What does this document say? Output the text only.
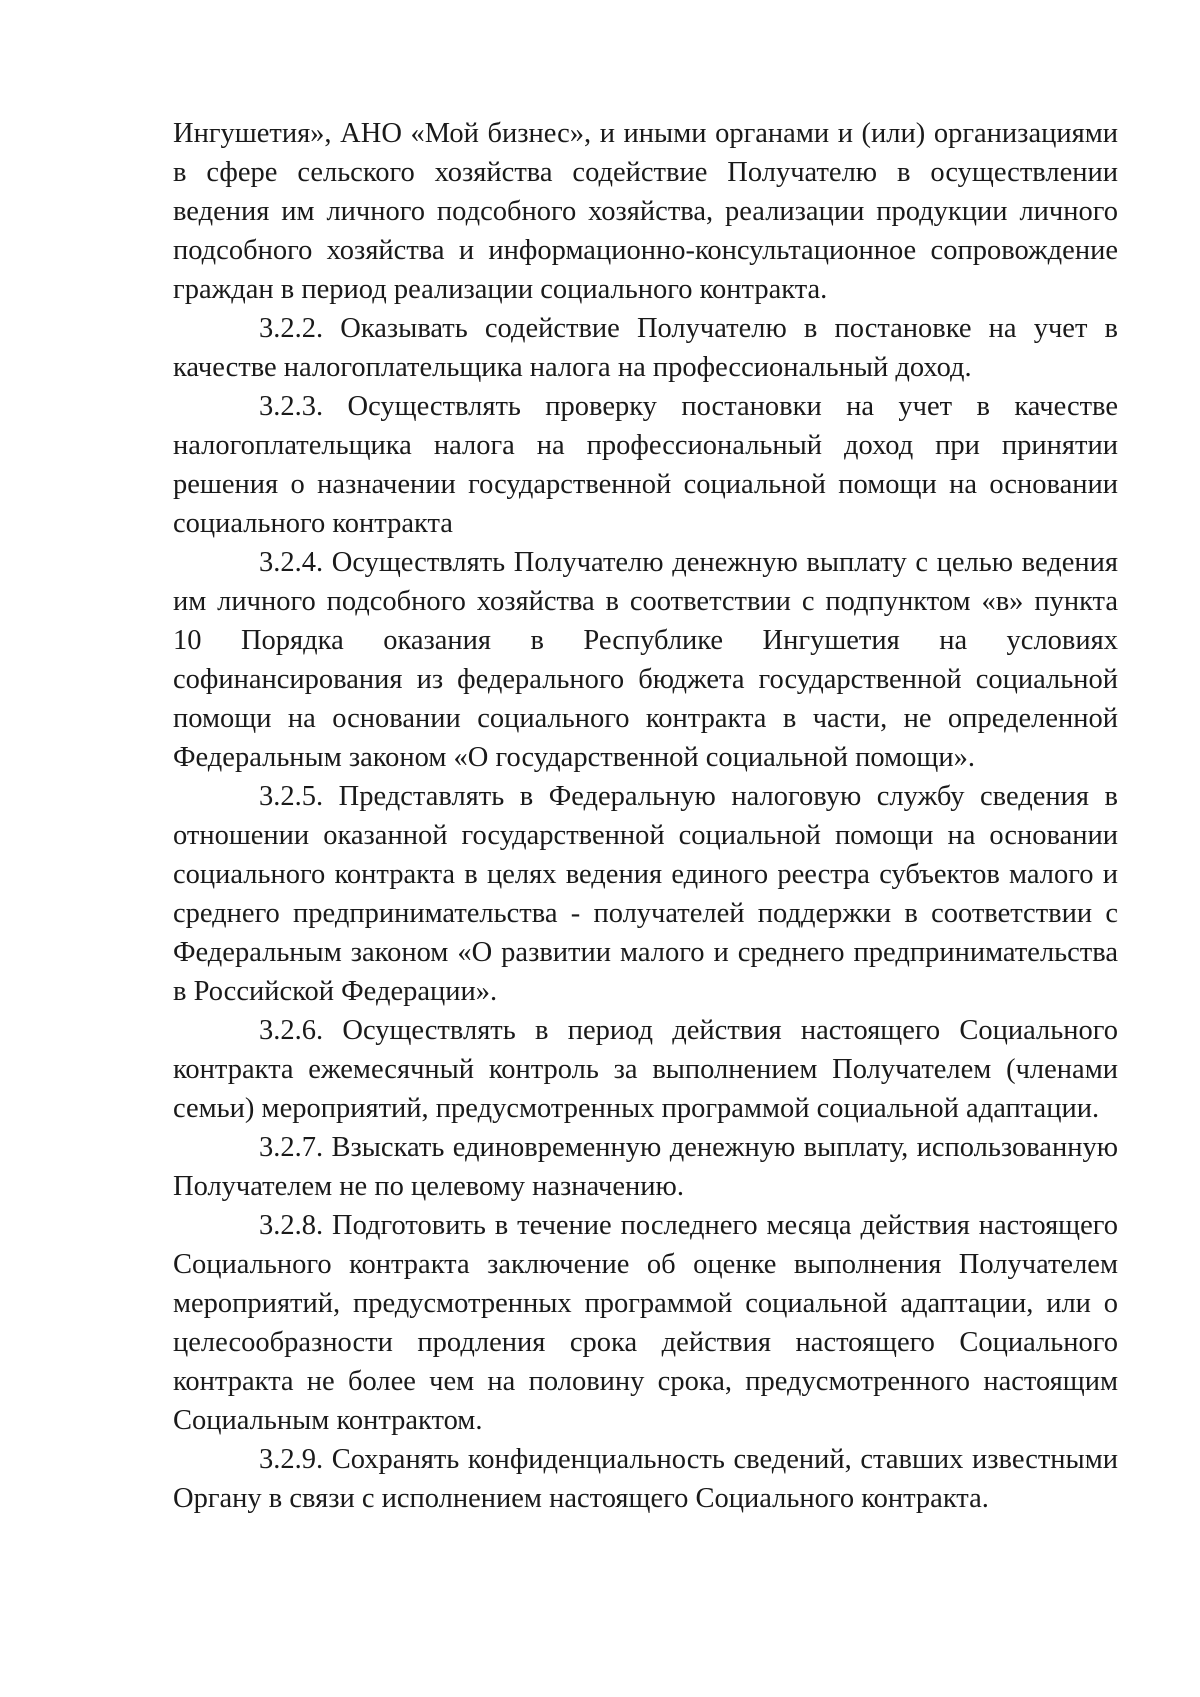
Ингушетия», АНО «Мой бизнес», и иными органами и (или) организациями в сфере сельского хозяйства содействие Получателю в осуществлении ведения им личного подсобного хозяйства, реализации продукции личного подсобного хозяйства и информационно-консультационное сопровождение граждан в период реализации социального контракта.

3.2.2. Оказывать содействие Получателю в постановке на учет в качестве налогоплательщика налога на профессиональный доход.

3.2.3. Осуществлять проверку постановки на учет в качестве налогоплательщика налога на профессиональный доход при принятии решения о назначении государственной социальной помощи на основании социального контракта

3.2.4. Осуществлять Получателю денежную выплату с целью ведения им личного подсобного хозяйства в соответствии с подпунктом «в» пункта 10 Порядка оказания в Республике Ингушетия на условиях софинансирования из федерального бюджета государственной социальной помощи на основании социального контракта в части, не определенной Федеральным законом «О государственной социальной помощи».

3.2.5. Представлять в Федеральную налоговую службу сведения в отношении оказанной государственной социальной помощи на основании социального контракта в целях ведения единого реестра субъектов малого и среднего предпринимательства - получателей поддержки в соответствии с Федеральным законом «О развитии малого и среднего предпринимательства в Российской Федерации».

3.2.6. Осуществлять в период действия настоящего Социального контракта ежемесячный контроль за выполнением Получателем (членами семьи) мероприятий, предусмотренных программой социальной адаптации.

3.2.7. Взыскать единовременную денежную выплату, использованную Получателем не по целевому назначению.

3.2.8. Подготовить в течение последнего месяца действия настоящего Социального контракта заключение об оценке выполнения Получателем мероприятий, предусмотренных программой социальной адаптации, или о целесообразности продления срока действия настоящего Социального контракта не более чем на половину срока, предусмотренного настоящим Социальным контрактом.

3.2.9. Сохранять конфиденциальность сведений, ставших известными Органу в связи с исполнением настоящего Социального контракта.
